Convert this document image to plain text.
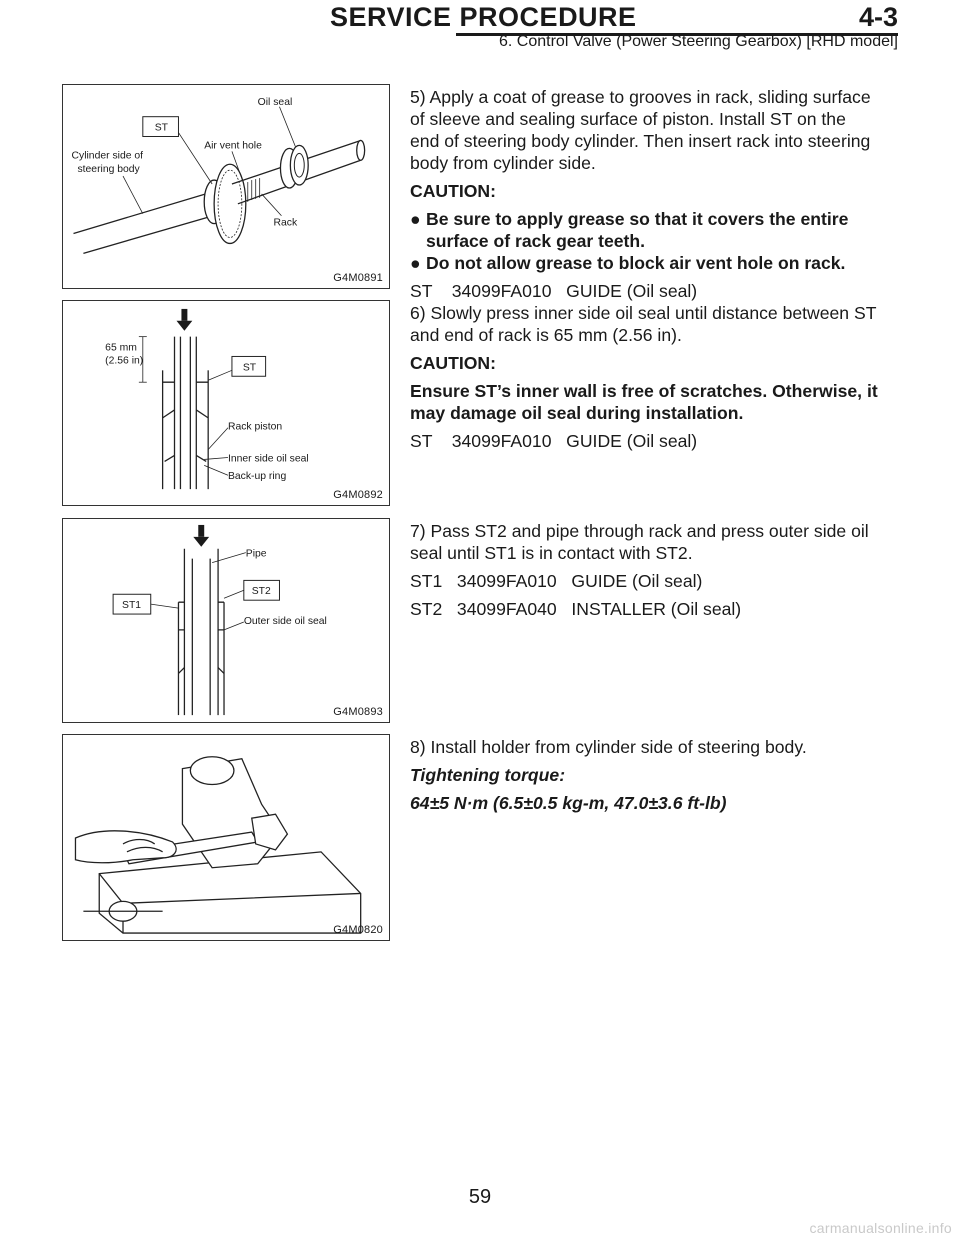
SERVICE PROCEDURE	4-3
6. Control Valve (Power Steering Gearbox) [RHD model]
ST
Oil seal
Air vent hole
Cylinder side of
steering body
Rack
G4M0891

5) Apply a coat of grease to grooves in rack, sliding surface of sleeve and sealing surface of piston. Install ST on the end of steering body cylinder. Then insert rack into steering body from cylinder side.

CAUTION:

● Be sure to apply grease so that it covers the entire surface of rack gear teeth.
● Do not allow grease to block air vent hole on rack.

ST    34099FA010   GUIDE (Oil seal)

65 mm
(2.56 in)
ST
Rack piston
Inner side oil seal
Back-up ring
G4M0892

6) Slowly press inner side oil seal until distance between ST and end of rack is 65 mm (2.56 in).

CAUTION:

Ensure ST’s inner wall is free of scratches. Otherwise, it may damage oil seal during installation.

ST    34099FA010   GUIDE (Oil seal)

Pipe
ST2
ST1
Outer side oil seal
G4M0893

7) Pass ST2 and pipe through rack and press outer side oil seal until ST1 is in contact with ST2.

ST1   34099FA010   GUIDE (Oil seal)

ST2   34099FA040   INSTALLER (Oil seal)

G4M0820

8) Install holder from cylinder side of steering body.

Tightening torque:

64±5 N·m (6.5±0.5 kg-m, 47.0±3.6 ft-lb)

59
carmanualsonline.info
